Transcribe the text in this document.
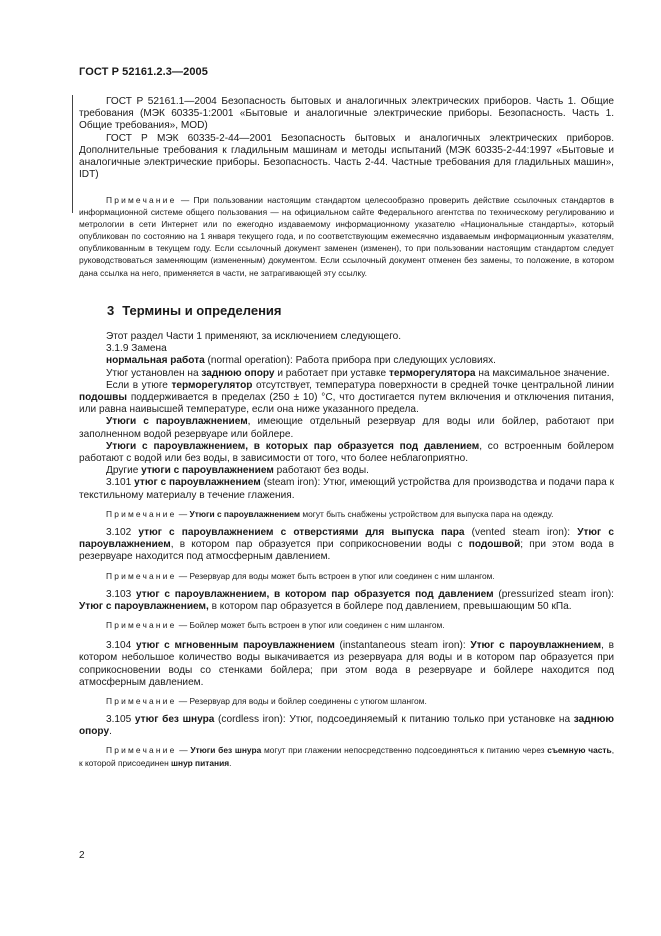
ГОСТ Р 52161.2.3—2005

ГОСТ Р 52161.1—2004 Безопасность бытовых и аналогичных электрических приборов. Часть 1. Общие требования (МЭК 60335-1:2001 «Бытовые и аналогичные электрические приборы. Безопасность. Часть 1. Общие требования», MOD)

ГОСТ Р МЭК 60335-2-44—2001 Безопасность бытовых и аналогичных электрических приборов. Дополнительные требования к гладильным машинам и методы испытаний (МЭК 60335-2-44:1997 «Бытовые и аналогичные электрические приборы. Безопасность. Часть 2-44. Частные требования для гладильных машин», IDT)

Примечание — При пользовании настоящим стандартом целесообразно проверить действие ссылочных стандартов в информационной системе общего пользования — на официальном сайте Федерального агентства по техническому регулированию и метрологии в сети Интернет или по ежегодно издаваемому информационному указателю «Национальные стандарты», который опубликован по состоянию на 1 января текущего года, и по соответствующим ежемесячно издаваемым информационным указателям, опубликованным в текущем году. Если ссылочный документ заменен (изменен), то при пользовании настоящим стандартом следует руководствоваться заменяющим (измененным) документом. Если ссылочный документ отменен без замены, то положение, в котором дана ссылка на него, применяется в части, не затрагивающей эту ссылку.

3 Термины и определения

Этот раздел Части 1 применяют, за исключением следующего.

3.1.9 Замена

нормальная работа (normal operation): Работа прибора при следующих условиях.

Утюг установлен на заднюю опору и работает при уставке терморегулятора на максимальное значение.

Если в утюге терморегулятор отсутствует, температура поверхности в средней точке центральной линии подошвы поддерживается в пределах (250 ± 10) °С, что достигается путем включения и отключения питания, или равна наивысшей температуре, если она ниже указанного предела.

Утюги с пароувлажнением, имеющие отдельный резервуар для воды или бойлер, работают при заполненном водой резервуаре или бойлере.

Утюги с пароувлажнением, в которых пар образуется под давлением, со встроенным бойлером работают с водой или без воды, в зависимости от того, что более неблагоприятно.

Другие утюги с пароувлажнением работают без воды.

3.101 утюг с пароувлажнением (steam iron): Утюг, имеющий устройства для производства и подачи пара к текстильному материалу в течение глажения.

Примечание — Утюги с пароувлажнением могут быть снабжены устройством для выпуска пара на одежду.

3.102 утюг с пароувлажнением с отверстиями для выпуска пара (vented steam iron): Утюг с пароувлажнением, в котором пар образуется при соприкосновении воды с подошвой; при этом вода в резервуаре находится под атмосферным давлением.

Примечание — Резервуар для воды может быть встроен в утюг или соединен с ним шлангом.

3.103 утюг с пароувлажнением, в котором пар образуется под давлением (pressurized steam iron): Утюг с пароувлажнением, в котором пар образуется в бойлере под давлением, превышающим 50 кПа.

Примечание — Бойлер может быть встроен в утюг или соединен с ним шлангом.

3.104 утюг с мгновенным пароувлажнением (instantaneous steam iron): Утюг с пароувлажнением, в котором небольшое количество воды выкачивается из резервуара для воды и в котором пар образуется при соприкосновении воды со стенками бойлера; при этом вода в резервуаре и бойлере находится под атмосферным давлением.

Примечание — Резервуар для воды и бойлер соединены с утюгом шлангом.

3.105 утюг без шнура (cordless iron): Утюг, подсоединяемый к питанию только при установке на заднюю опору.

Примечание — Утюги без шнура могут при глажении непосредственно подсоединяться к питанию через съемную часть, к которой присоединен шнур питания.

2
